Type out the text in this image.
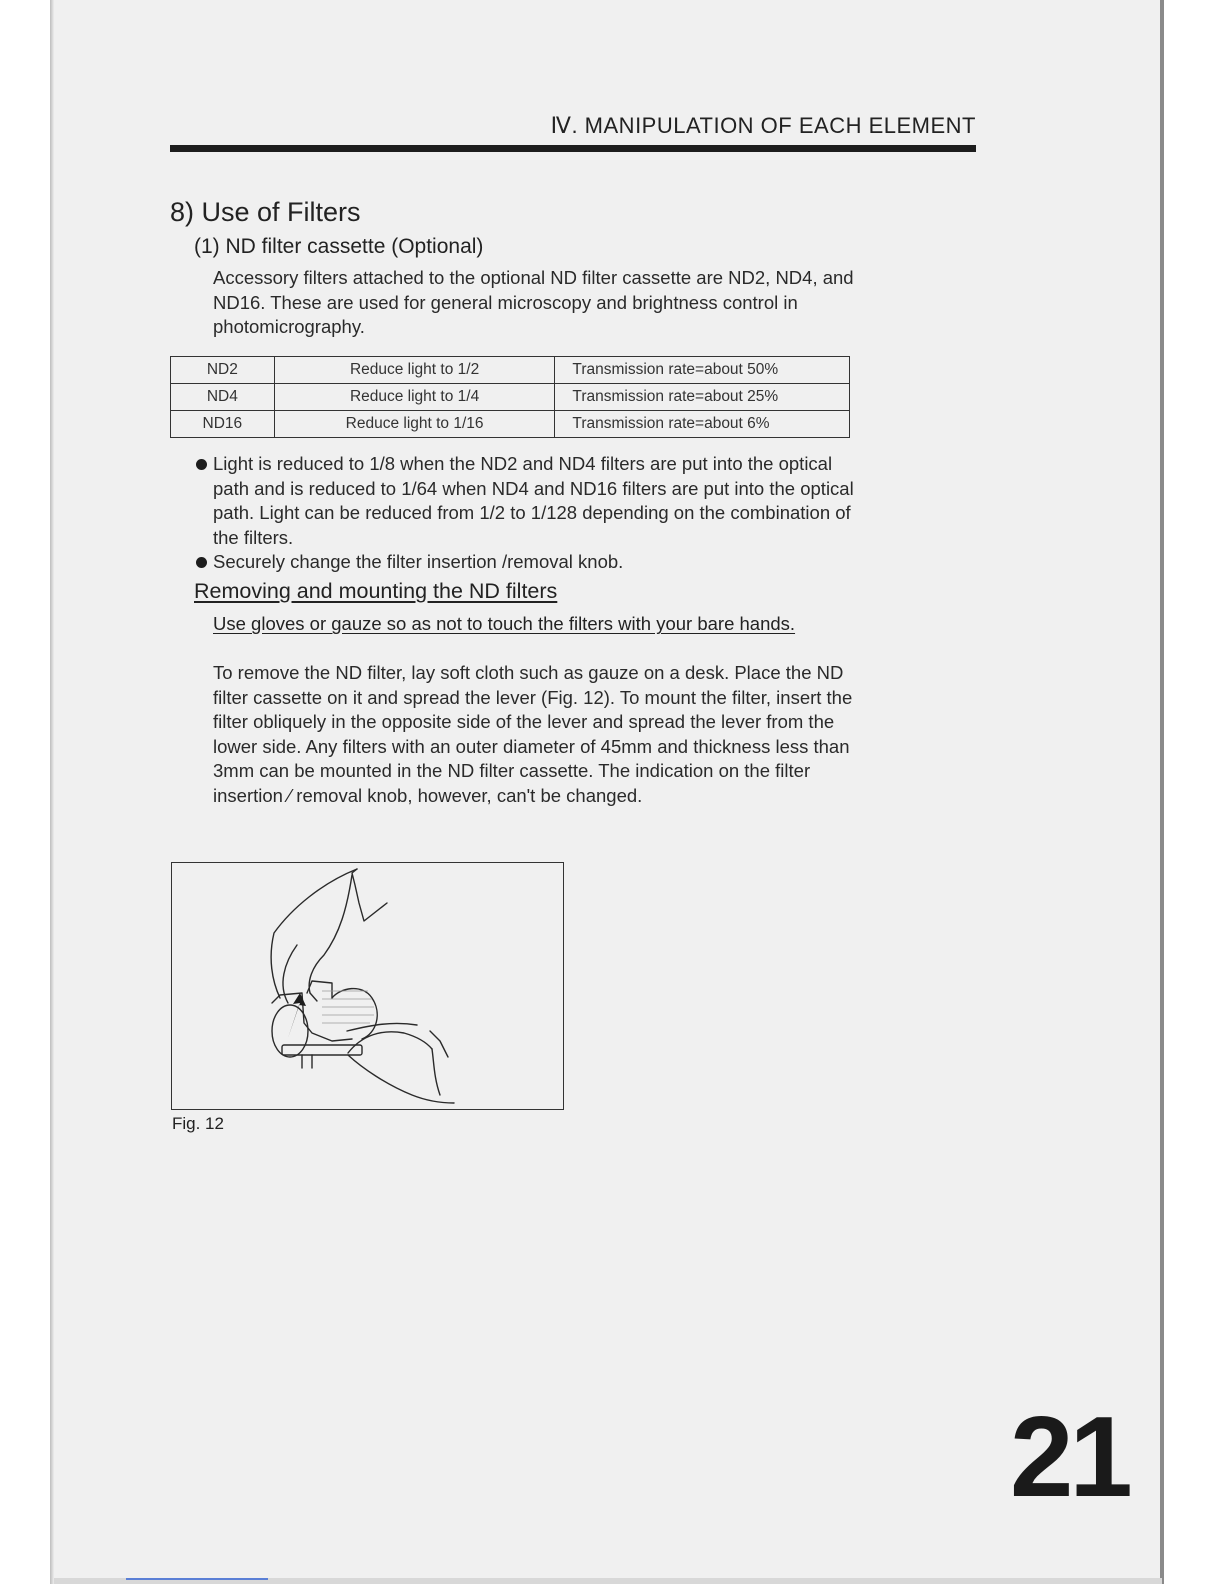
Ⅳ. MANIPULATION OF EACH ELEMENT
8) Use of Filters
(1) ND filter cassette (Optional)

Accessory filters attached to the optional ND filter cassette are ND2, ND4, and ND16. These are used for general microscopy and brightness control in photomicrography.

ND2	Reduce light to 1/2	Transmission rate=about 50%
ND4	Reduce light to 1/4	Transmission rate=about 25%
ND16	Reduce light to 1/16	Transmission rate=about 6%
Light is reduced to 1/8 when the ND2 and ND4 filters are put into the optical path and is reduced to 1/64 when ND4 and ND16 filters are put into the optical path. Light can be reduced from 1/2 to 1/128 depending on the combination of the filters.
Securely change the filter insertion /removal knob.
Removing and mounting the ND filters

Use gloves or gauze so as not to touch the filters with your bare hands.

To remove the ND filter, lay soft cloth such as gauze on a desk. Place the ND filter cassette on it and spread the lever (Fig. 12). To mount the filter, insert the filter obliquely in the opposite side of the lever and spread the lever from the lower side. Any filters with an outer diameter of 45mm and thickness less than 3mm can be mounted in the ND filter cassette. The indication on the filter insertion ⁄ removal knob, however, can't be changed.

Fig. 12
21
